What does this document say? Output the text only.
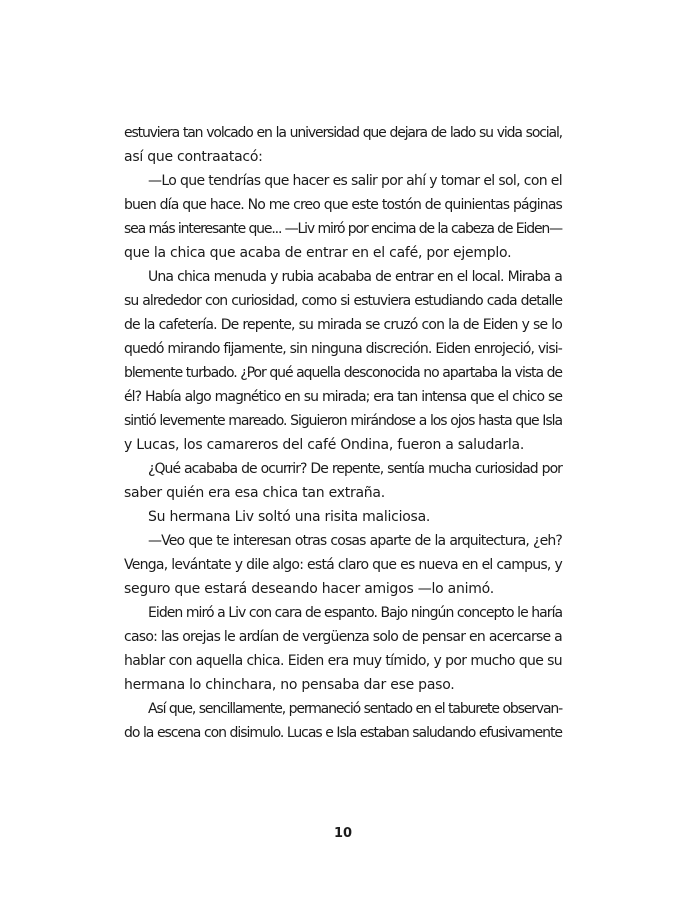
estuviera tan volcado en la universidad que dejara de lado su vida social,
así que contraatacó:
—Lo que tendrías que hacer es salir por ahí y tomar el sol, con el
buen día que hace. No me creo que este tostón de quinientas páginas
sea más interesante que... —Liv miró por encima de la cabeza de Eiden—
que la chica que acaba de entrar en el café, por ejemplo.
Una chica menuda y rubia acababa de entrar en el local. Miraba a
su alrededor con curiosidad, como si estuviera estudiando cada detalle
de la cafetería. De repente, su mirada se cruzó con la de Eiden y se lo
quedó mirando fijamente, sin ninguna discreción. Eiden enrojeció, visi-
blemente turbado. ¿Por qué aquella desconocida no apartaba la vista de
él? Había algo magnético en su mirada; era tan intensa que el chico se
sintió levemente mareado. Siguieron mirándose a los ojos hasta que Isla
y Lucas, los camareros del café Ondina, fueron a saludarla.
¿Qué acababa de ocurrir? De repente, sentía mucha curiosidad por
saber quién era esa chica tan extraña.
Su hermana Liv soltó una risita maliciosa.
—Veo que te interesan otras cosas aparte de la arquitectura, ¿eh?
Venga, levántate y dile algo: está claro que es nueva en el campus, y
seguro que estará deseando hacer amigos —lo animó.
Eiden miró a Liv con cara de espanto. Bajo ningún concepto le haría
caso: las orejas le ardían de vergüenza solo de pensar en acercarse a
hablar con aquella chica. Eiden era muy tímido, y por mucho que su
hermana lo chinchara, no pensaba dar ese paso.
Así que, sencillamente, permaneció sentado en el taburete observan-
do la escena con disimulo. Lucas e Isla estaban saludando efusivamente
10
